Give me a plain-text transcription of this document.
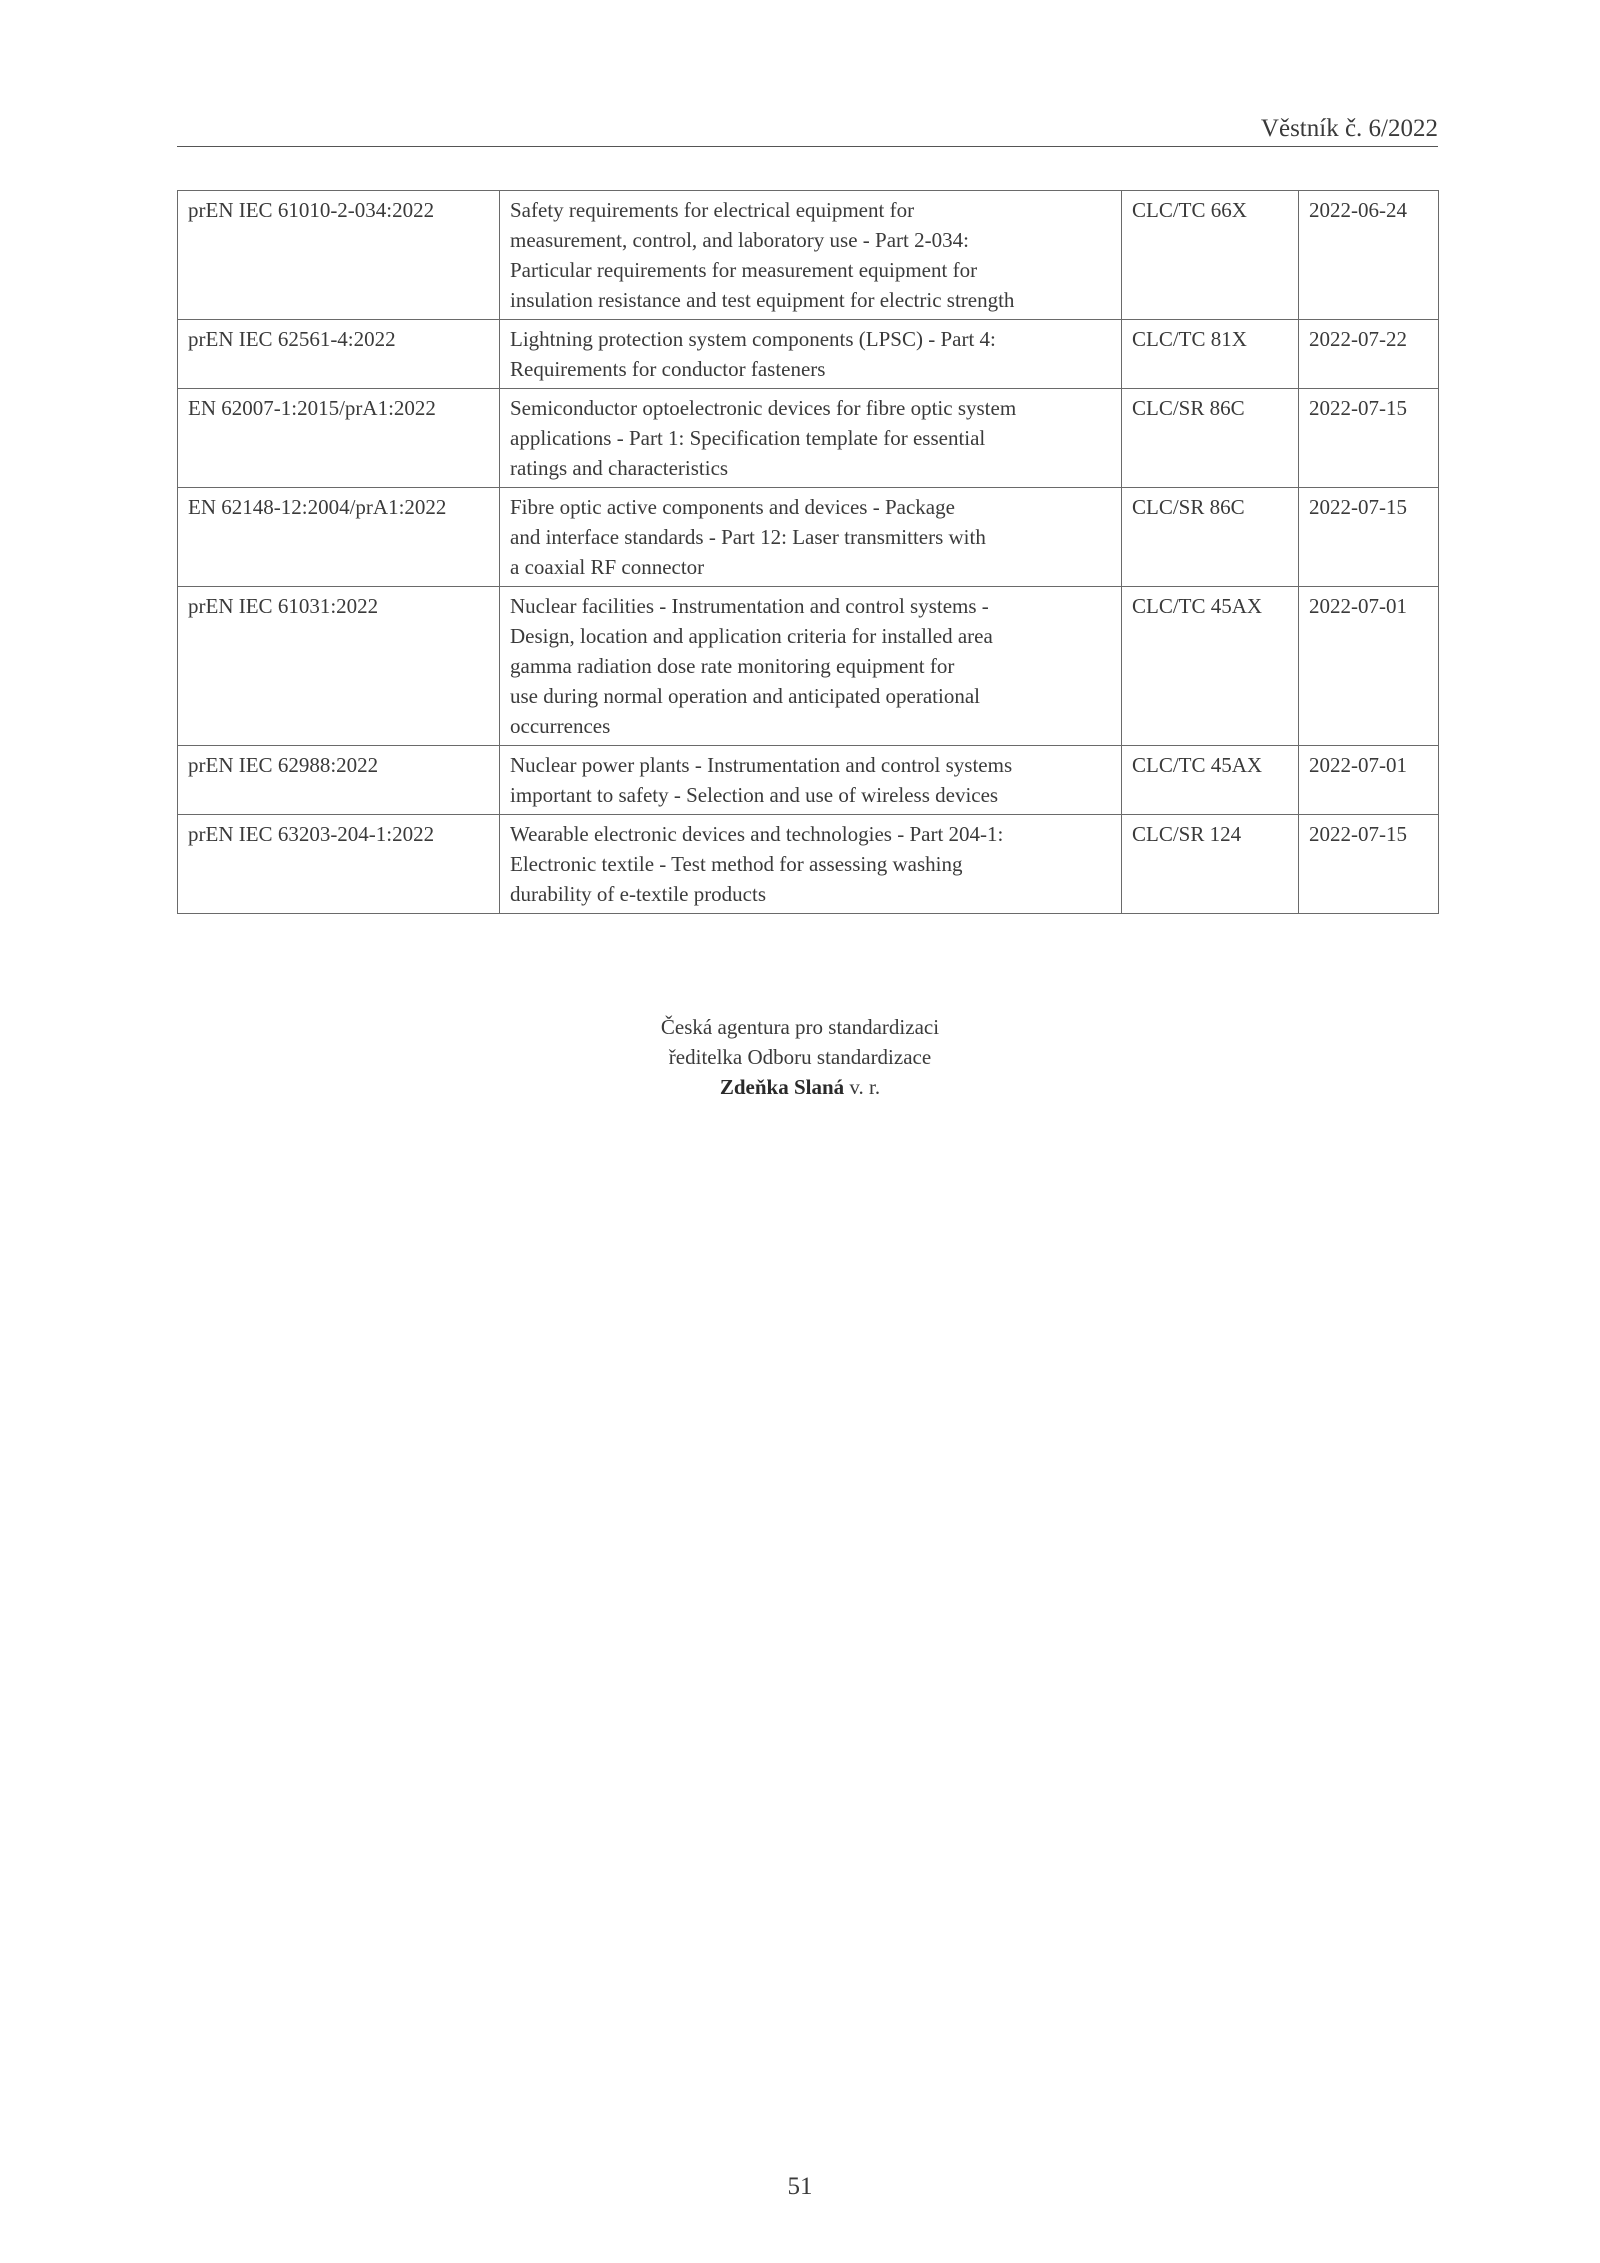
Věstník č. 6/2022
prEN IEC 61010-2-034:2022	Safety requirements for electrical equipment for
measurement, control, and laboratory use - Part 2-034:
Particular requirements for measurement equipment for
insulation resistance and test equipment for electric strength	CLC/TC 66X	2022-06-24
prEN IEC 62561-4:2022	Lightning protection system components (LPSC) - Part 4:
Requirements for conductor fasteners	CLC/TC 81X	2022-07-22
EN 62007-1:2015/prA1:2022	Semiconductor optoelectronic devices for fibre optic system
applications - Part 1: Specification template for essential
ratings and characteristics	CLC/SR 86C	2022-07-15
EN 62148-12:2004/prA1:2022	Fibre optic active components and devices - Package
and interface standards - Part 12: Laser transmitters with
a coaxial RF connector	CLC/SR 86C	2022-07-15
prEN IEC 61031:2022	Nuclear facilities - Instrumentation and control systems -
Design, location and application criteria for installed area
gamma radiation dose rate monitoring equipment for
use during normal operation and anticipated operational
occurrences	CLC/TC 45AX	2022-07-01
prEN IEC 62988:2022	Nuclear power plants - Instrumentation and control systems
important to safety - Selection and use of wireless devices	CLC/TC 45AX	2022-07-01
prEN IEC 63203-204-1:2022	Wearable electronic devices and technologies - Part 204-1:
Electronic textile - Test method for assessing washing
durability of e-textile products	CLC/SR 124	2022-07-15
Česká agentura pro standardizaci
ředitelka Odboru standardizace
Zdeňka Slaná v. r.
51
